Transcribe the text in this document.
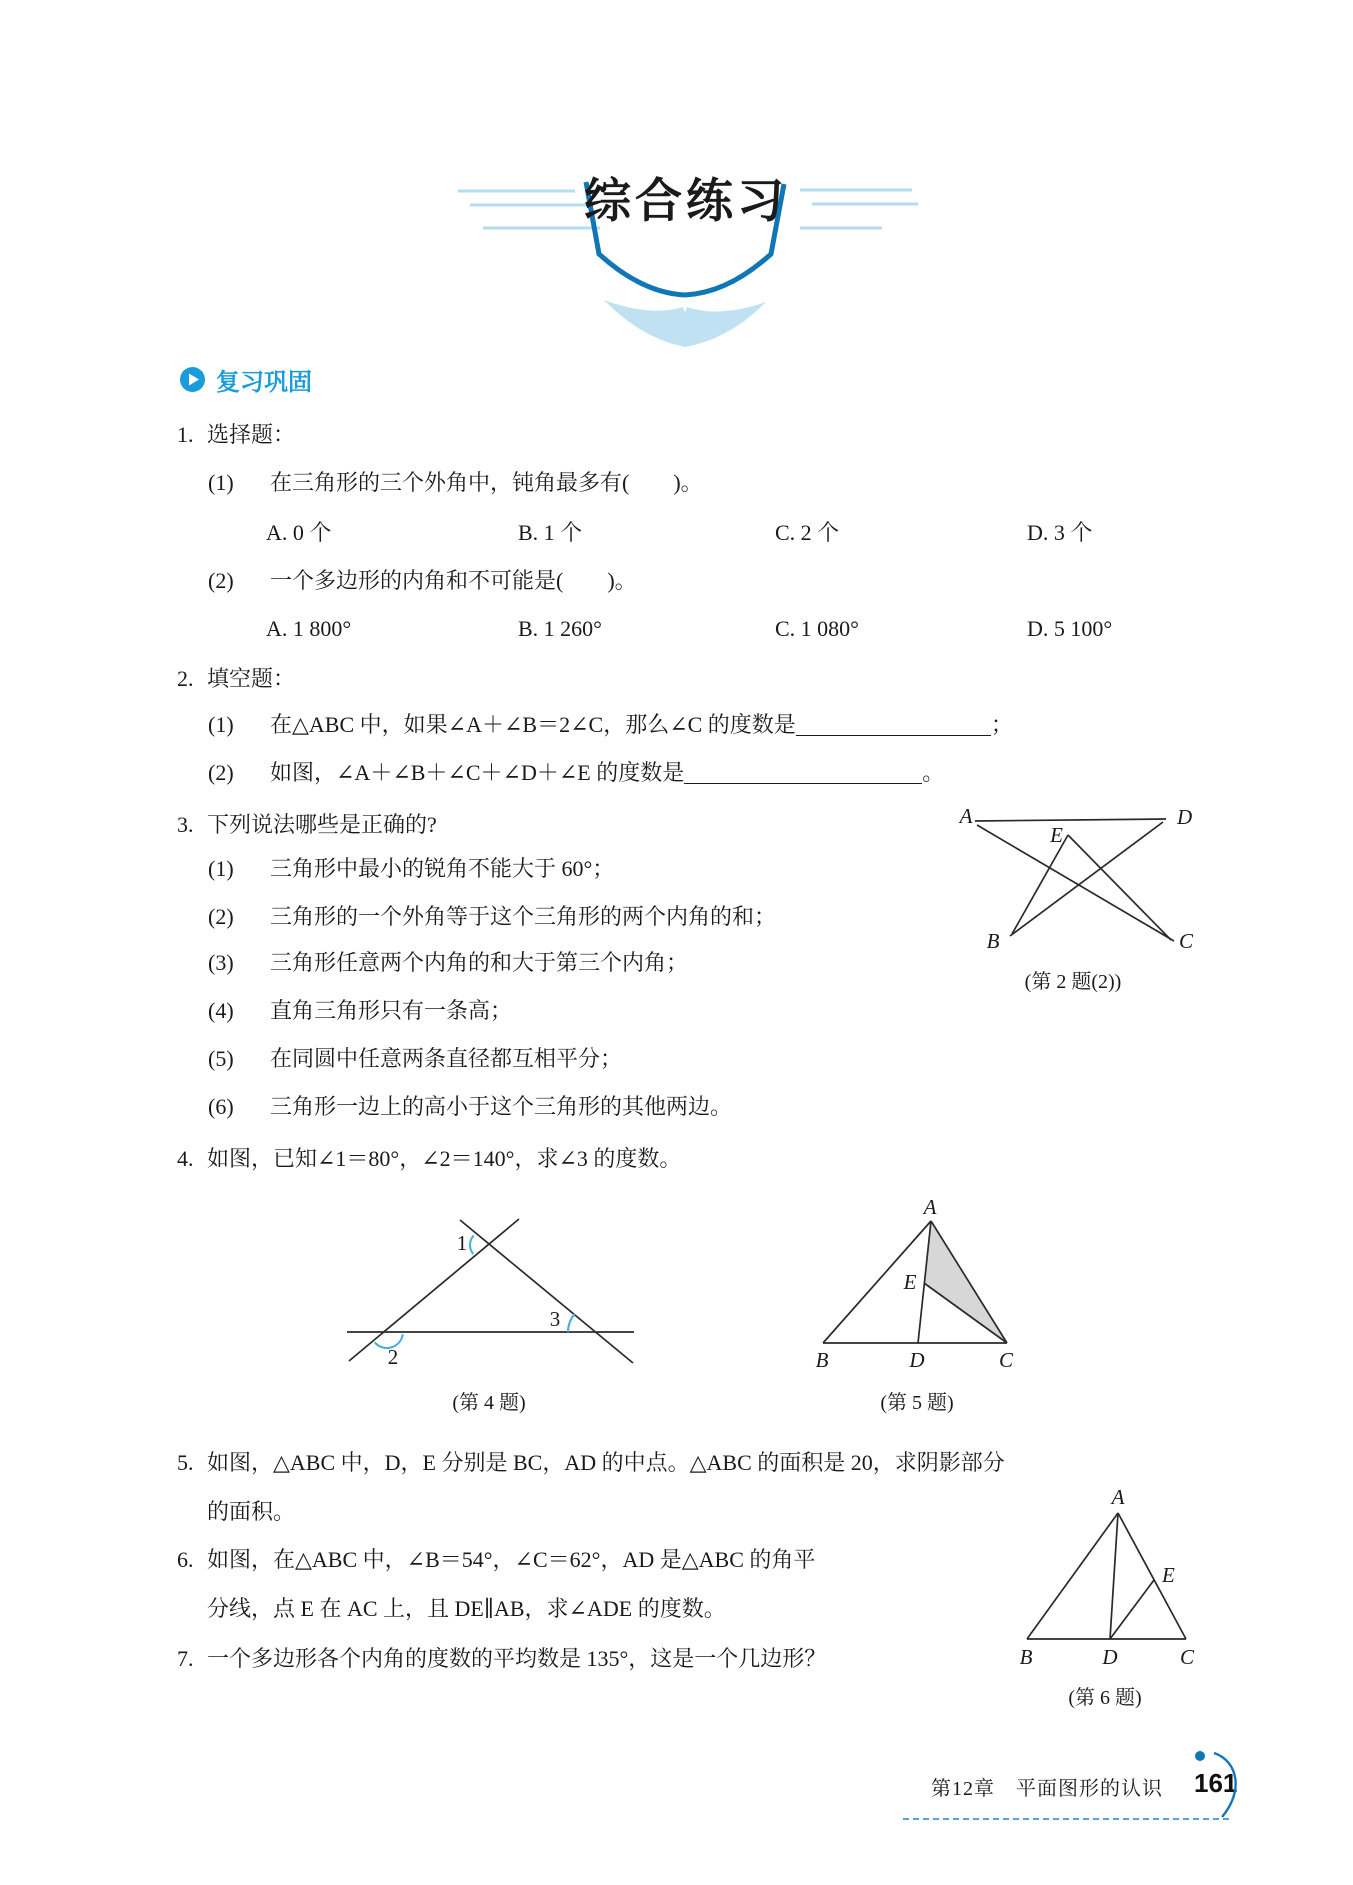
综合练习
复习巩固
1. 选择题：
(1) 在三角形的三个外角中，钝角最多有(　　)。
A. 0 个	B. 1 个	C. 2 个	D. 3 个
(2) 一个多边形的内角和不可能是(　　)。
A. 1 800°	B. 1 260°	C. 1 080°	D. 5 100°
2. 填空题：
(1) 在△ABC 中，如果∠A＋∠B＝2∠C，那么∠C 的度数是	；
(2) 如图，∠A＋∠B＋∠C＋∠D＋∠E 的度数是	。
A	D
E
B	C
(第 2 题(2))
3. 下列说法哪些是正确的?
(1) 三角形中最小的锐角不能大于 60°；
(2) 三角形的一个外角等于这个三角形的两个内角的和；
(3) 三角形任意两个内角的和大于第三个内角；
(4) 直角三角形只有一条高；
(5) 在同圆中任意两条直径都互相平分；
(6) 三角形一边上的高小于这个三角形的其他两边。
4. 如图，已知∠1＝80°，∠2＝140°，求∠3 的度数。
1
2
3
(第 4 题)
A
B	C
D
E
(第 5 题)
5. 如图，△ABC 中，D，E 分别是 BC，AD 的中点。△ABC 的面积是 20，求阴影部分
的面积。
6. 如图，在△ABC 中，∠B＝54°，∠C＝62°，AD 是△ABC 的角平
分线，点 E 在 AC 上，且 DE∥AB，求∠ADE 的度数。
7. 一个多边形各个内角的度数的平均数是 135°，这是一个几边形？
A
B	C
D
E
(第 6 题)
第12章　平面图形的认识 161
